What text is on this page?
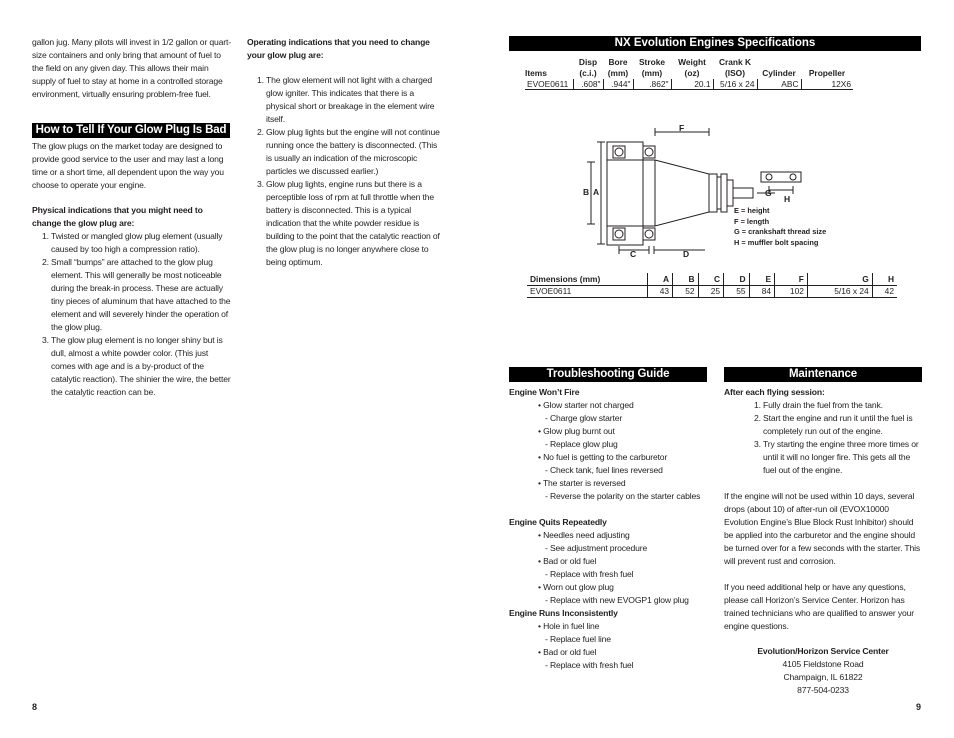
gallon jug. Many pilots will invest in 1/2 gallon or quart-size containers and only bring that amount of fuel to the field on any given day. This allows their main supply of fuel to stay at home in a controlled storage environment, virtually ensuring problem-free fuel.

How to Tell If Your Glow Plug Is Bad

The glow plugs on the market today are designed to provide good service to the user and may last a long time or a short time, all dependent upon the way you choose to operate your engine.

Physical indications that you might need to change the glow plug are:

1. Twisted or mangled glow plug element (usually caused by too high a compression ratio).
2. Small “bumps” are attached to the glow plug element. This will generally be most noticeable during the break-in process. These are actually tiny pieces of aluminum that have attached to the element and will severely hinder the operation of the glow plug.
3. The glow plug element is no longer shiny but is dull, almost a white powder color. (This just comes with age and is a by-product of the catalytic reaction). The shinier the wire, the better the catalytic reaction can be.

Operating indications that you need to change your glow plug are:

1. The glow element will not light with a charged glow igniter. This indicates that there is a physical short or breakage in the element wire itself.
2. Glow plug lights but the engine will not continue running once the battery is disconnected. (This is usually an indication of the microscopic particles we discussed earlier.)
3. Glow plug lights, engine runs but there is a perceptible loss of rpm at full throttle when the battery is disconnected. This is a typical indication that the white powder residue is building to the point that the catalytic reaction of the glow plug is no longer anywhere close to being optimum.
8
NX Evolution Engines Specifications
	Disp	Bore	Stroke	Weight	Crank K		
Items	(c.i.)	(mm)	(mm)	(oz)	(ISO)	Cylinder	Propeller
EVOE0611	.608"	.944"	.862"	20.1	5/16 x 24	ABC	12X6
F
B A
C	D
G
H
E = height
F = length
G = crankshaft thread size
H = muffler bolt spacing
Dimensions (mm)	A	B	C	D	E	F	G	H
EVOE0611	43	52	25	55	84	102	5/16 x 24	42
Troubleshooting Guide

Engine Won’t Fire

• Glow starter not charged

- Charge glow starter

• Glow plug burnt out

- Replace glow plug

• No fuel is getting to the carburetor

- Check tank, fuel lines reversed

• The starter is reversed

- Reverse the polarity on the starter cables

Engine Quits Repeatedly

• Needles need adjusting

- See adjustment procedure

• Bad or old fuel

- Replace with fresh fuel

• Worn out glow plug

- Replace with new EVOGP1 glow plug

Engine Runs Inconsistently

• Hole in fuel line

- Replace fuel line

• Bad or old fuel

- Replace with fresh fuel

Maintenance

After each flying session:

1. Fully drain the fuel from the tank.
2. Start the engine and run it until the fuel is completely run out of the engine.
3. Try starting the engine three more times or until it will no longer fire. This gets all the fuel out of the engine.

If the engine will not be used within 10 days, several drops (about 10) of after-run oil (EVOX10000 Evolution Engine’s Blue Block Rust Inhibitor) should be applied into the carburetor and the engine should be turned over for a few seconds with the starter. This will prevent rust and corrosion.

If you need additional help or have any questions, please call Horizon’s Service Center. Horizon has trained technicians who are qualified to answer your engine questions.

Evolution/Horizon Service Center
4105 Fieldstone Road
Champaign, IL 61822
877-504-0233
9
